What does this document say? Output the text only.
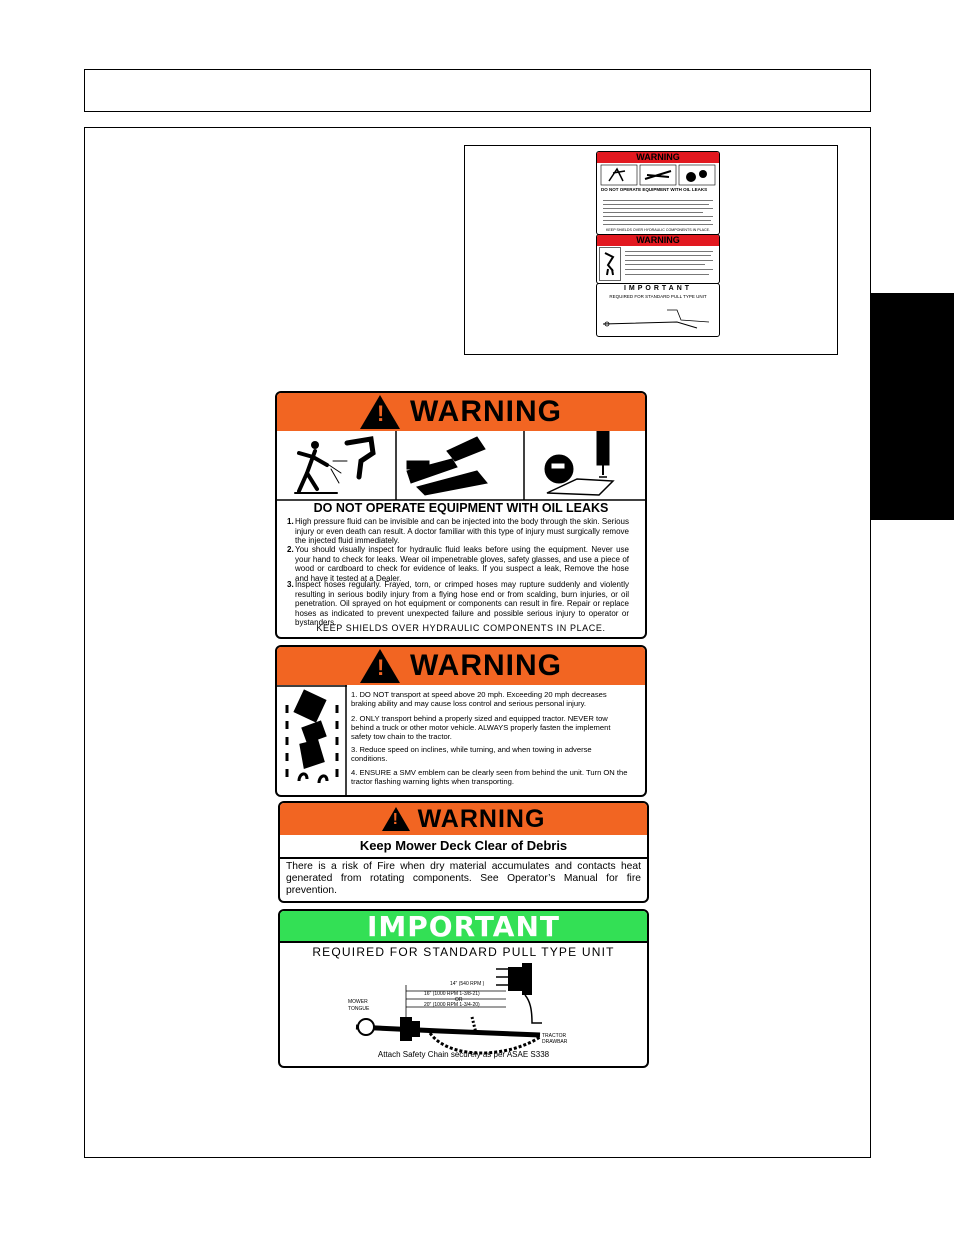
WARNING
DO NOT OPERATE EQUIPMENT WITH OIL LEAKS
KEEP SHIELDS OVER HYDRAULIC COMPONENTS IN PLACE.
WARNING
IMPORTANT
REQUIRED FOR STANDARD PULL TYPE UNIT
! WARNING
DO NOT OPERATE EQUIPMENT WITH OIL LEAKS
1. High pressure fluid can be invisible and can be injected into the body through the skin. Serious injury or even death can result. A doctor familiar with this type of injury must surgically remove the injected fluid immediately.
2. You should visually inspect for hydraulic fluid leaks before using the equipment. Never use your hand to check for leaks. Wear oil impenetrable gloves, safety glasses, and use a piece of wood or cardboard to check for evidence of leaks. If you suspect a leak, Remove the hose and have it tested at a Dealer.
3. Inspect hoses regularly. Frayed, torn, or crimped hoses may rupture suddenly and violently resulting in serious bodily injury from a flying hose end or from scalding, burn injuries, or oil penetration. Oil sprayed on hot equipment or components can result in fire. Repair or replace hoses as indicated to prevent unexpected failure and possible serious injury to operator or bystanders.
KEEP SHIELDS OVER HYDRAULIC COMPONENTS IN PLACE.
! WARNING
1. DO NOT transport at speed above 20 mph. Exceeding 20 mph decreases braking ability and may cause loss control and serious personal injury.
2. ONLY transport behind a properly sized and equipped tractor. NEVER tow behind a truck or other motor vehicle. ALWAYS properly fasten the implement safety tow chain to the tractor.
3. Reduce speed on inclines, while turning, and when towing in adverse conditions.
4. ENSURE a SMV emblem can be clearly seen from behind the unit. Turn ON the tractor flashing warning lights when transporting.
! WARNING
Keep Mower Deck Clear of Debris
There is a risk of Fire when dry material accumulates and contacts heat generated from rotating components. See Operator’s Manual for fire prevention.
IMPORTANT
REQUIRED FOR STANDARD PULL TYPE UNIT
14" (540 RPM )
16" (1000 RPM 1-3/8-21)
OR
20" (1000 RPM 1-3/4-20)
MOWER
TONGUE
TRACTOR
DRAWBAR
Attach Safety Chain securely as per ASAE S338
